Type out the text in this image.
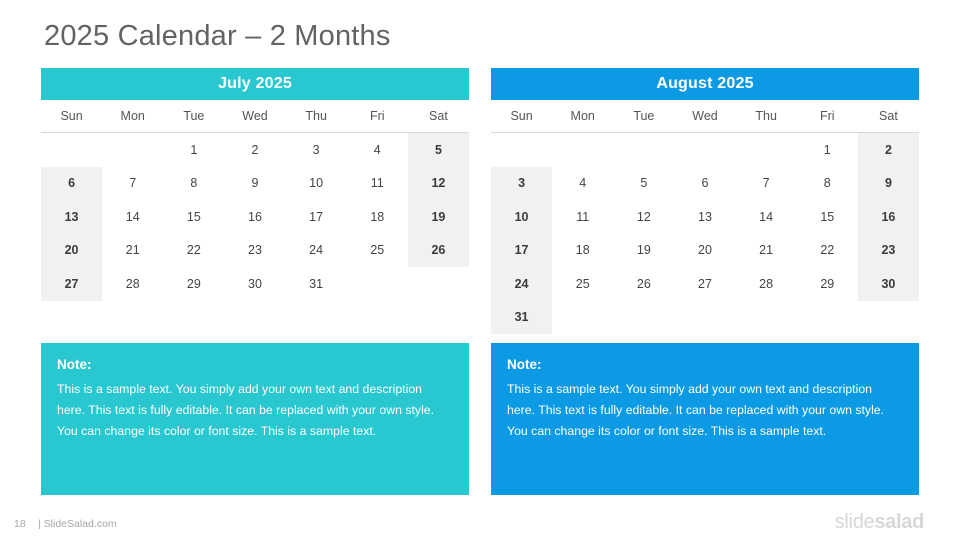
2025 Calendar – 2 Months
July 2025
Sun	Mon	Tue	Wed	Thu	Fri	Sat
		1	2	3	4	5
6	7	8	9	10	11	12
13	14	15	16	17	18	19
20	21	22	23	24	25	26
27	28	29	30	31		
August 2025
Sun	Mon	Tue	Wed	Thu	Fri	Sat
					1	2
3	4	5	6	7	8	9
10	11	12	13	14	15	16
17	18	19	20	21	22	23
24	25	26	27	28	29	30
31						
Note:
This is a sample text. You simply add your own text and description here. This text is fully editable. It can be replaced with your own style. You can change its color or font size. This is a sample text.
Note:
This is a sample text. You simply add your own text and description here. This text is fully editable. It can be replaced with your own style. You can change its color or font size. This is a sample text.
18 | SlideSalad.com	slidesalad
